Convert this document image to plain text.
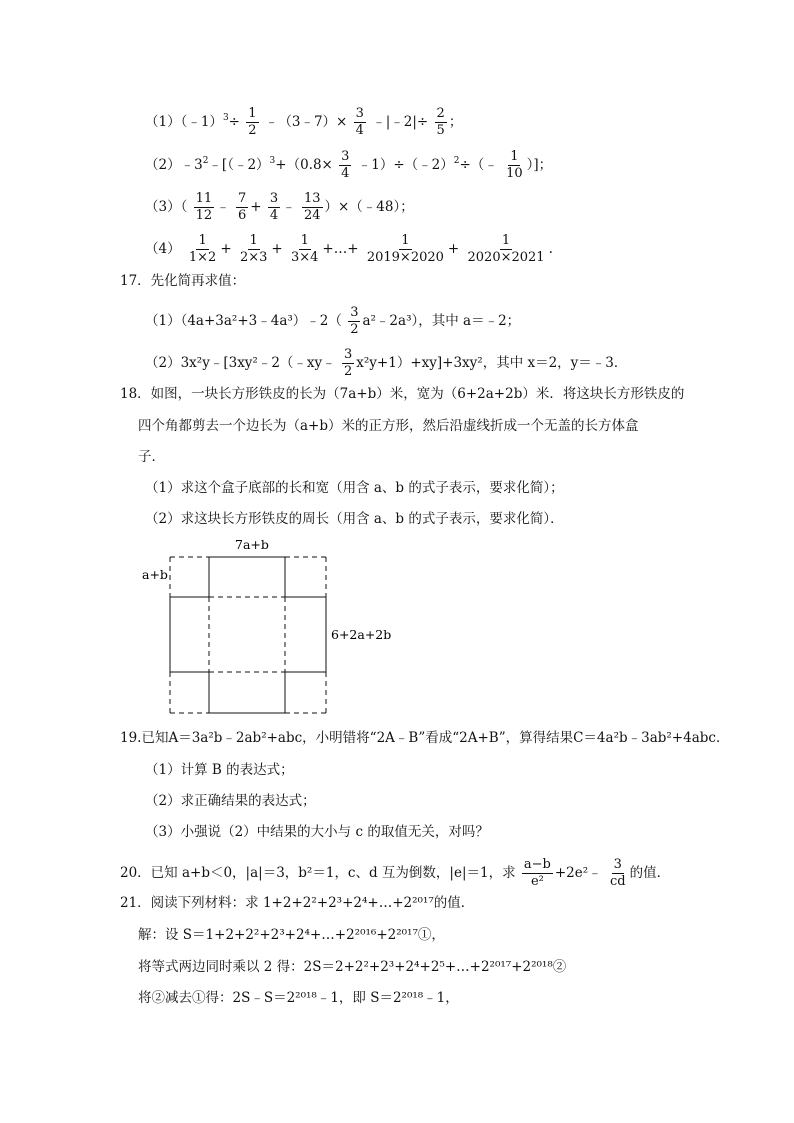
（1）（﹣1）$^3$÷ $\frac{1}{2}$ ﹣（3﹣7）× $\frac{3}{4}$ ﹣|﹣2|÷ $\frac{2}{5}$ ；
$(2)﹣3^2﹣[(﹣2)^3+(0.8\times \frac{3}{4}$ ﹣1）÷（﹣2）$^2$÷（﹣ $\frac{1}{10}$ ）]；
$(3)( \frac{11}{12}$ ﹣ $\frac{7}{6} + \frac{3}{4}$ ﹣ $\frac{13}{24}$ ）×（﹣48）；
$(4) \frac{1}{1\times 2} + \frac{1}{2\times 3} + \frac{1}{3\times 4}$ +…+ $\frac{1}{2019\times 2020} + \frac{1}{2020\times 2021}$ .
17．先化简再求值：
（1）（4a+3a²+3﹣4a³）﹣2（ $\frac{3}{2}$ a²﹣2a³），其中 a＝﹣2；
（2）3x²y﹣[3xy²﹣2（﹣xy﹣ $\frac{3}{2} x^2y+1)+xy]+3xy^2$，其中 x＝2，y＝﹣3．
18．如图，一块长方形铁皮的长为（7a+b）米，宽为（6+2a+2b）米．将这块长方形铁皮的
四个角都剪去一个边长为（a+b）米的正方形，然后沿虚线折成一个无盖的长方体盒
子．
（1）求这个盒子底部的长和宽（用含 a、b 的式子表示，要求化简）；
（2）求这块长方形铁皮的周长（用含 a、b 的式子表示，要求化简）．
7a+b
a+b
6+2a+2b
19.已知A＝3a²b﹣2ab²+abc，小明错将“2A﹣B”看成“2A+B”，算得结果C＝4a²b﹣3ab²+4abc．
（1）计算 B 的表达式；
（2）求正确结果的表达式；
（3）小强说（2）中结果的大小与 c 的取值无关，对吗？
20．已知 a+b＜0，|a|＝3，b²＝1，c、d 互为倒数，|e|＝1，求 $\frac{a-b}{\text{e²}}$ +2e²﹣ $\frac{3}{cd}$ 的值．
21．阅读下列材料：求 1+2+2²+2³+2⁴+…+2²⁰¹⁷的值．
解：设 S＝1+2+2²+2³+2⁴+…+2²⁰¹⁶+2²⁰¹⁷①，
将等式两边同时乘以 2 得：2S＝2+2²+2³+2⁴+2⁵+…+2²⁰¹⁷+2²⁰¹⁸②
将②减去①得：2S﹣S＝2²⁰¹⁸﹣1，即 S＝2²⁰¹⁸﹣1，
